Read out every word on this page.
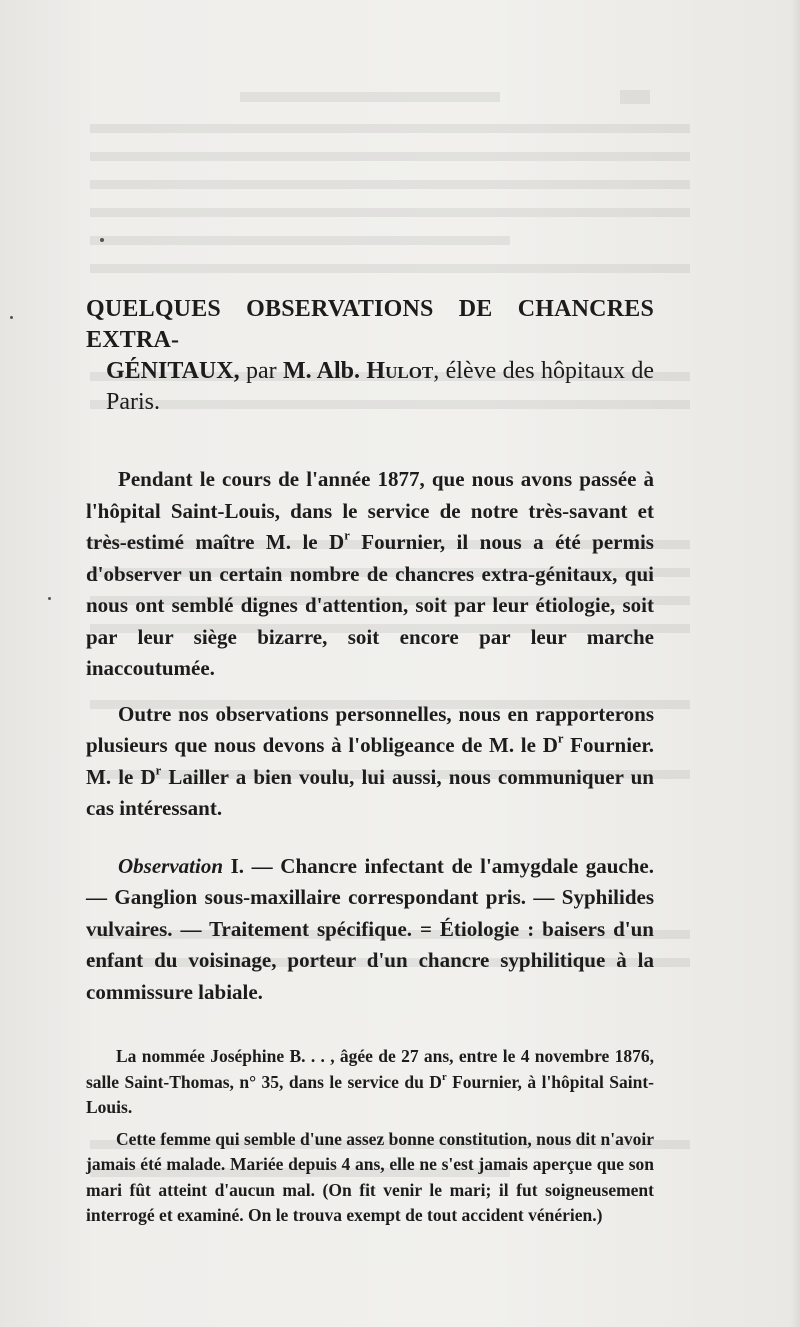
QUELQUES OBSERVATIONS DE CHANCRES EXTRA-
GÉNITAUX, par M. Alb. Hulot, élève des hôpitaux de Paris.

Pendant le cours de l'année 1877, que nous avons passée à l'hôpital Saint-Louis, dans le service de notre très-savant et très-estimé maître M. le $D^r$ Fournier, il nous a été permis d'observer un certain nombre de chancres extra-génitaux, qui nous ont semblé dignes d'attention, soit par leur étiologie, soit par leur siège bizarre, soit encore par leur marche inaccoutumée.

Outre nos observations personnelles, nous en rapporterons plusieurs que nous devons à l'obligeance de M. le $D^r$ Fournier. M. le $D^r$ Lailler a bien voulu, lui aussi, nous communiquer un cas intéressant.

Observation I. — Chancre infectant de l'amygdale gauche. — Ganglion sous-maxillaire correspondant pris. — Syphilides vulvaires. — Traitement spécifique. = Étiologie : baisers d'un enfant du voisinage, porteur d'un chancre syphilitique à la commissure labiale.

La nommée Joséphine B. . . , âgée de 27 ans, entre le 4 novembre 1876, salle Saint-Thomas, n° 35, dans le service du $D^r$ Fournier, à l'hôpital Saint-Louis.

Cette femme qui semble d'une assez bonne constitution, nous dit n'avoir jamais été malade. Mariée depuis 4 ans, elle ne s'est jamais aperçue que son mari fût atteint d'aucun mal. (On fit venir le mari; il fut soigneusement interrogé et examiné. On le trouva exempt de tout accident vénérien.)
